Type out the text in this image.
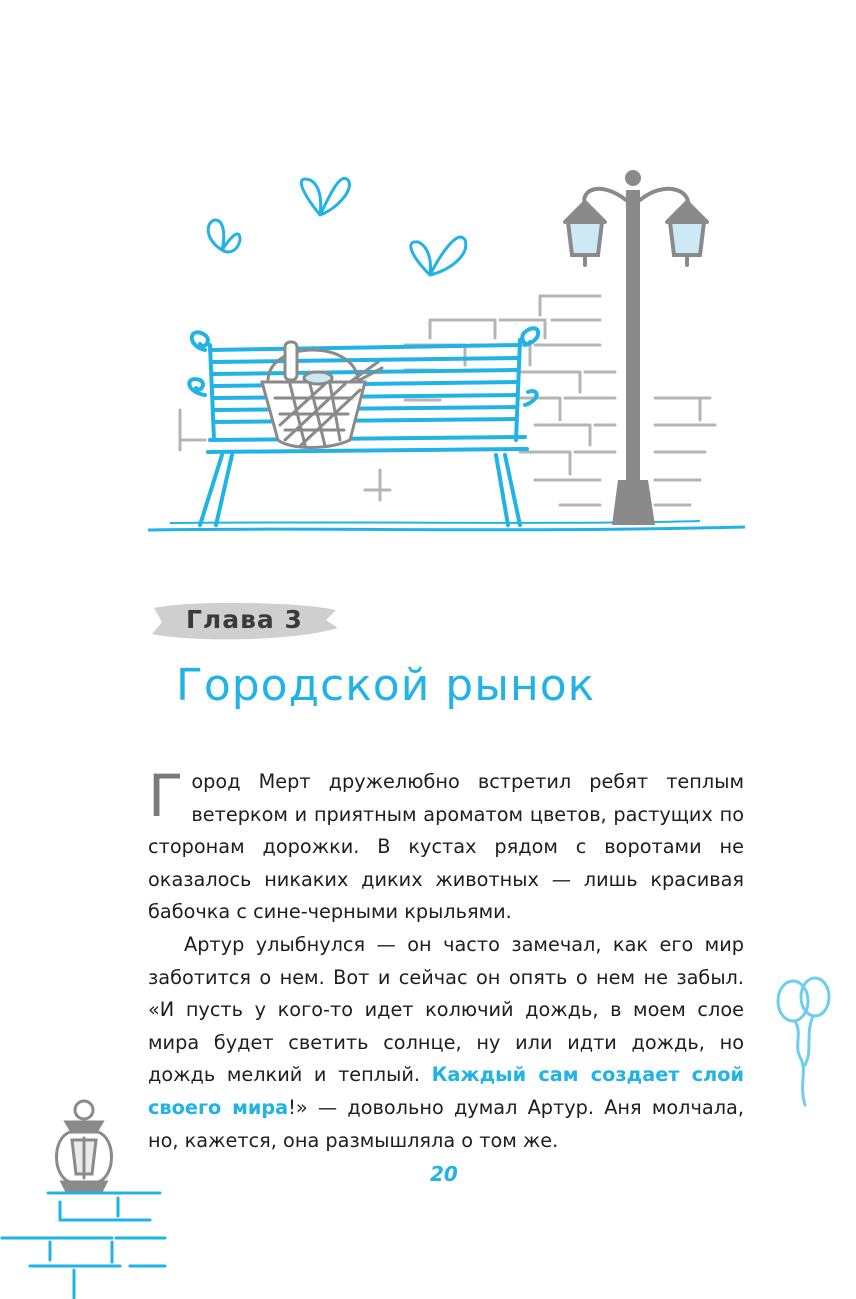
Глава 3
Городской рынок

Город Мерт дружелюбно встретил ребят теплым ветерком и приятным ароматом цветов, растущих по сторонам дорожки. В кустах рядом с воротами не оказалось никаких диких животных — лишь красивая бабочка с сине-черными крыльями.

Артур улыбнулся — он часто замечал, как его мир заботится о нем. Вот и сейчас он опять о нем не забыл. «И пусть у кого-то идет колючий дождь, в моем слое мира будет светить солнце, ну или идти дождь, но дождь мелкий и теплый. Каждый сам создает слой своего мира!» — довольно думал Артур. Аня молчала, но, кажется, она размышляла о том же.

20
